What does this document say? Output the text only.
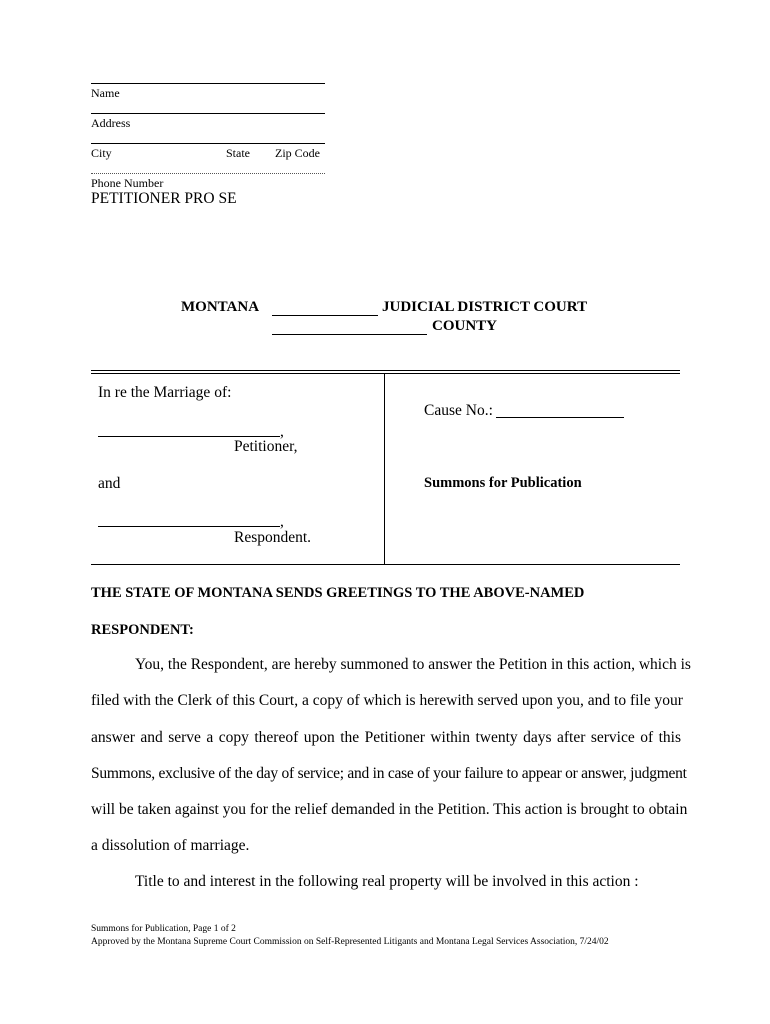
Name
Address
City	State Zip Code
Phone Number
PETITIONER PRO SE
MONTANA	JUDICIAL DISTRICT COURT
COUNTY
In re the Marriage of:
,
Petitioner,
and
,
Respondent.
Cause No.:
Summons for Publication
THE STATE OF MONTANA SENDS GREETINGS TO THE ABOVE-NAMED
RESPONDENT:
You, the Respondent, are hereby summoned to answer the Petition in this action, which is
filed with the Clerk of this Court, a copy of which is herewith served upon you, and to file your
answer and serve a copy thereof upon the Petitioner within twenty days after service of this
Summons, exclusive of the day of service; and in case of your failure to appear or answer, judgment
will be taken against you for the relief demanded in the Petition. This action is brought to obtain
a dissolution of marriage.
Title to and interest in the following real property will be involved in this action :
Summons for Publication, Page 1 of 2
Approved by the Montana Supreme Court Commission on Self-Represented Litigants and Montana Legal Services Association, 7/24/02
